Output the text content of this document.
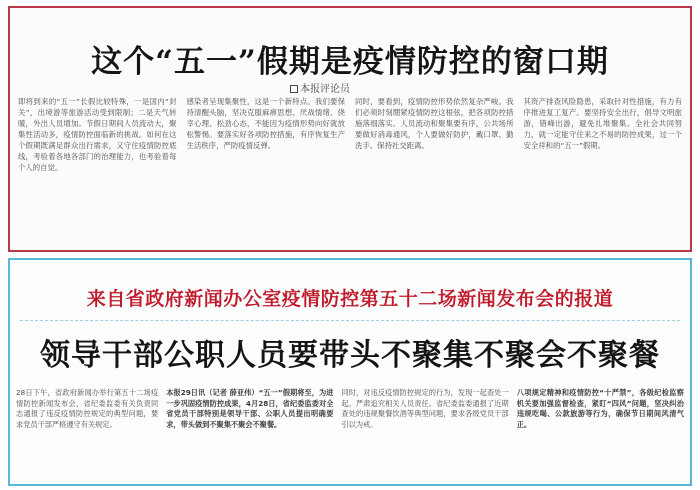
这个“五一”假期是疫情防控的窗口期
本报评论员
即将到来的“五一”长假比较特殊，一是国内“封关”，出境游等旅游活动受到限制；二是天气转暖，外出人员增加。节假日期间人员流动大，聚集性活动多，疫情防控面临新的挑战。如何在这个假期既满足群众出行需求，又守住疫情防控底线，考验着各地各部门的治理能力，也考验着每个人的自觉。
感染者呈现集聚性，这是一个新特点。我们要保持清醒头脑，坚决克服麻痹思想、厌战情绪、侥幸心理、松劲心态，不能因为疫情形势向好就放松警惕。要落实好各项防控措施，有序恢复生产生活秩序，严防疫情反弹。
同时，要看到，疫情防控形势依然复杂严峻。我们必须时刻绷紧疫情防控这根弦，把各项防控措施落细落实。人员流动和聚集要有序，公共场所要做好消毒通风，个人要做好防护，戴口罩、勤洗手、保持社交距离。
其资产排查风险隐患，采取针对性措施，有力有序推进复工复产。要坚持安全出行，倡导文明旅游，错峰出游，避免扎堆聚集。全社会共同努力，就一定能守住来之不易的防控成果，过一个安全祥和的“五一”假期。
来自省政府新闻办公室疫情防控第五十二场新闻发布会的报道
领导干部公职人员要带头不聚集不聚会不聚餐
28日下午，省政府新闻办举行第五十二场疫情防控新闻发布会，省纪委监委有关负责同志通报了违反疫情防控规定的典型问题，要求党员干部严格遵守有关规定。
本报29日讯（记者 薛亚伟）“五一”假期将至，为进一步巩固疫情防控成果，4月28日，省纪委监委对全省党员干部特别是领导干部、公职人员提出明确要求，带头做到不聚集不聚会不聚餐。
同时，对违反疫情防控规定的行为，发现一起查处一起，严肃追究相关人员责任。省纪委监委通报了近期查处的违规聚餐饮酒等典型问题，要求各级党员干部引以为戒。
八项规定精神和疫情防控“十严禁”，各级纪检监察机关要加强监督检查，紧盯“四风”问题，坚决纠治违规吃喝、公款旅游等行为，确保节日期间风清气正。
